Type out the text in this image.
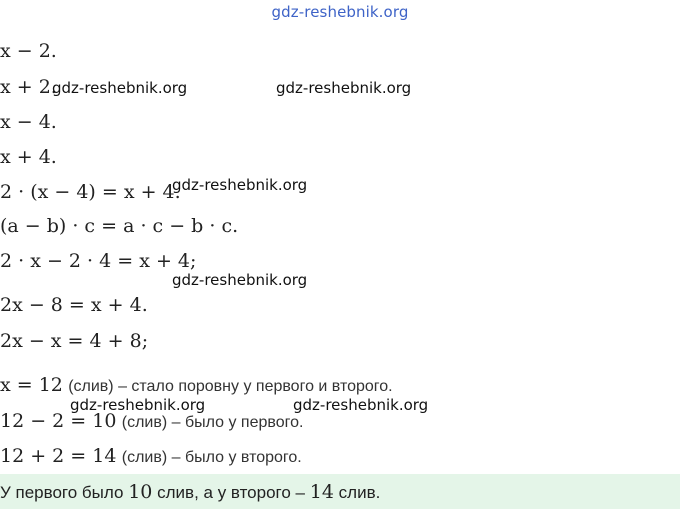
gdz-reshebnik.org
x − 2.
x + 2.
x − 4.
x + 4.
2 · (x − 4) = x + 4.
(a − b) · c = a · c − b · c.
2 · x − 2 · 4 = x + 4;
2x − 8 = x + 4.
2x − x = 4 + 8;
x = 12 (слив) – стало поровну у первого и второго.
12 − 2 = 10 (слив) – было у первого.
12 + 2 = 14 (слив) – было у второго.
У первого было 10 слив, а у второго – 14 слив.
gdz-reshebnik.org	gdz-reshebnik.org
gdz-reshebnik.org
gdz-reshebnik.org
gdz-reshebnik.org	gdz-reshebnik.org
